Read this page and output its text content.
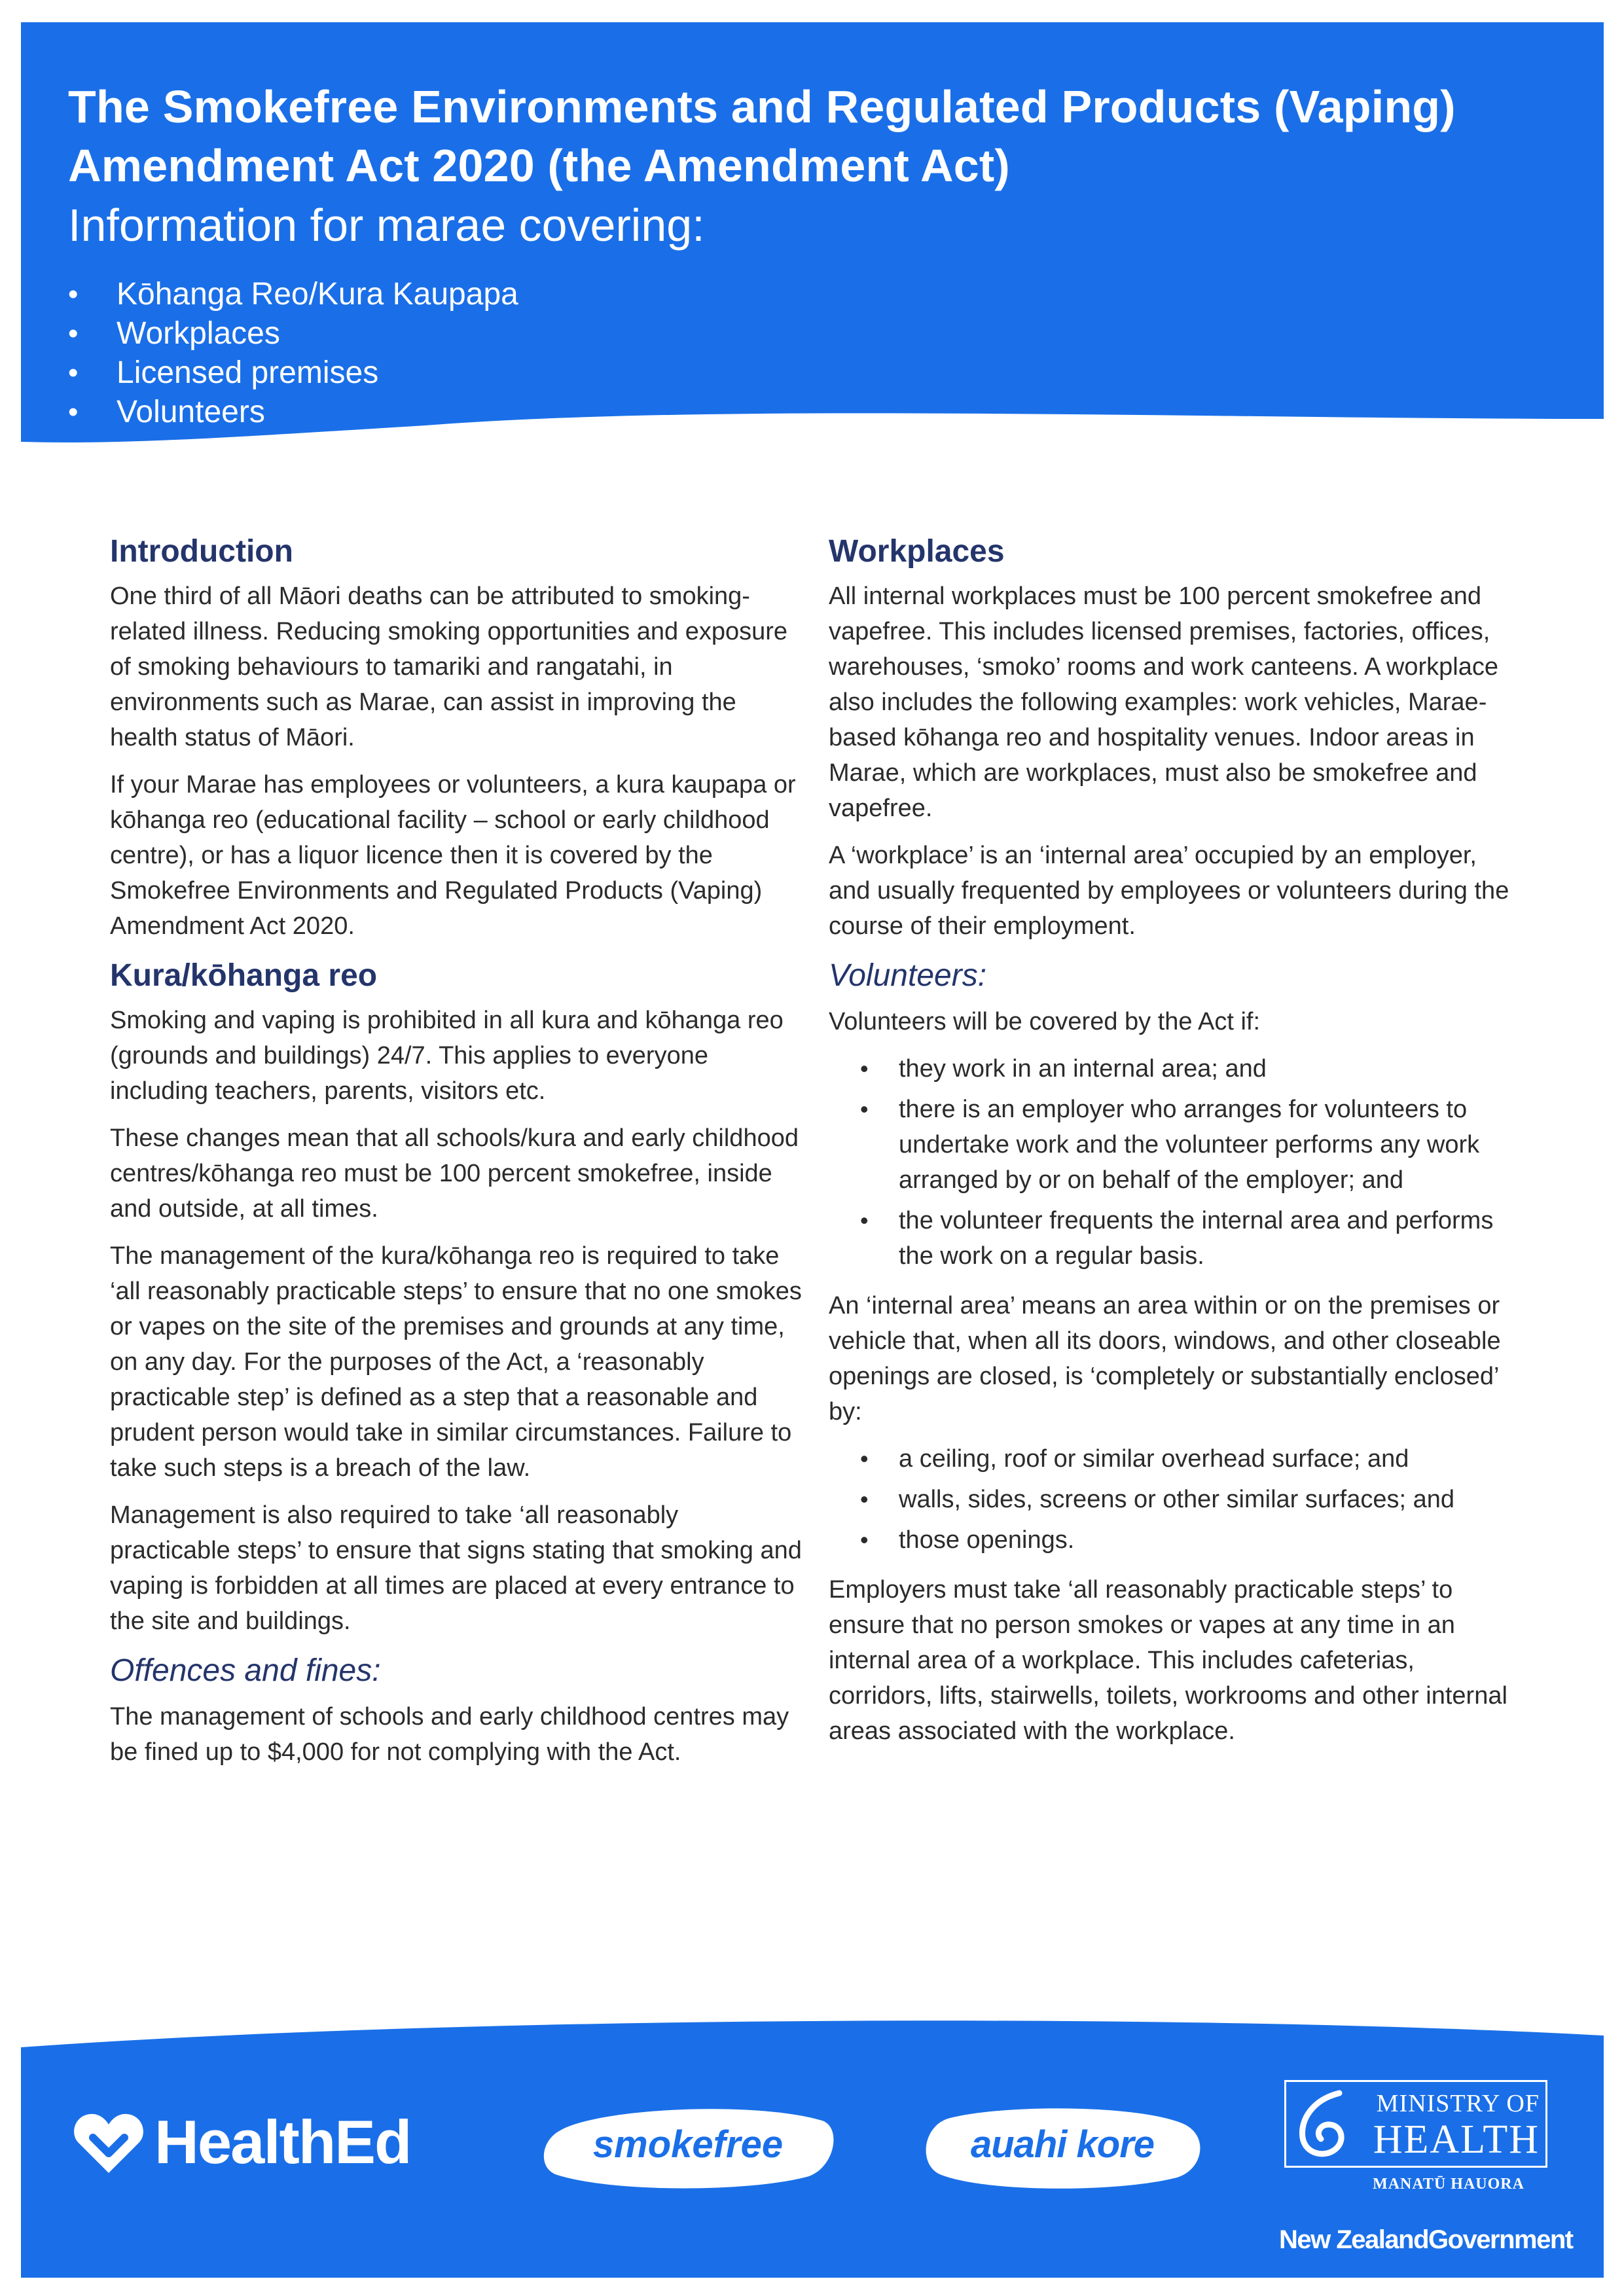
The Smokefree Environments and Regulated Products (Vaping)
Amendment Act 2020 (the Amendment Act)
Information for marae covering:
• Kōhanga Reo/Kura Kaupapa
• Workplaces
• Licensed premises
• Volunteers
Introduction

One third of all Māori deaths can be attributed to smoking-related illness. Reducing smoking opportunities and exposure of smoking behaviours to tamariki and rangatahi, in environments such as Marae, can assist in improving the health status of Māori.

If your Marae has employees or volunteers, a kura kaupapa or kōhanga reo (educational facility – school or early childhood centre), or has a liquor licence then it is covered by the Smokefree Environments and Regulated Products (Vaping) Amendment Act 2020.

Kura/kōhanga reo

Smoking and vaping is prohibited in all kura and kōhanga reo (grounds and buildings) 24/7. This applies to everyone including teachers, parents, visitors etc.

These changes mean that all schools/kura and early childhood centres/kōhanga reo must be 100 percent smokefree, inside and outside, at all times.

The management of the kura/kōhanga reo is required to take ‘all reasonably practicable steps’ to ensure that no one smokes or vapes on the site of the premises and grounds at any time, on any day. For the purposes of the Act, a ‘reasonably practicable step’ is defined as a step that a reasonable and prudent person would take in similar circumstances. Failure to take such steps is a breach of the law.

Management is also required to take ‘all reasonably practicable steps’ to ensure that signs stating that smoking and vaping is forbidden at all times are placed at every entrance to the site and buildings.

Offences and fines:

The management of schools and early childhood centres may be fined up to $4,000 for not complying with the Act.

Workplaces

All internal workplaces must be 100 percent smokefree and vapefree. This includes licensed premises, factories, offices, warehouses, ‘smoko’ rooms and work canteens. A workplace also includes the following examples: work vehicles, Marae-based kōhanga reo and hospitality venues. Indoor areas in Marae, which are workplaces, must also be smokefree and vapefree.

A ‘workplace’ is an ‘internal area’ occupied by an employer, and usually frequented by employees or volunteers during the course of their employment.

Volunteers:

Volunteers will be covered by the Act if:

• they work in an internal area; and
• there is an employer who arranges for volunteers to undertake work and the volunteer performs any work arranged by or on behalf of the employer; and
• the volunteer frequents the internal area and performs the work on a regular basis.

An ‘internal area’ means an area within or on the premises or vehicle that, when all its doors, windows, and other closeable openings are closed, is ‘completely or substantially enclosed’ by:

• a ceiling, roof or similar overhead surface; and
• walls, sides, screens or other similar surfaces; and
• those openings.

Employers must take ‘all reasonably practicable steps’ to ensure that no person smokes or vapes at any time in an internal area of a workplace. This includes cafeterias, corridors, lifts, stairwells, toilets, workrooms and other internal areas associated with the workplace.

HealthEd	smokefree	auahi kore
MINISTRY OF
HEALTH
MANATŪ HAUORA
New ZealandGovernment
